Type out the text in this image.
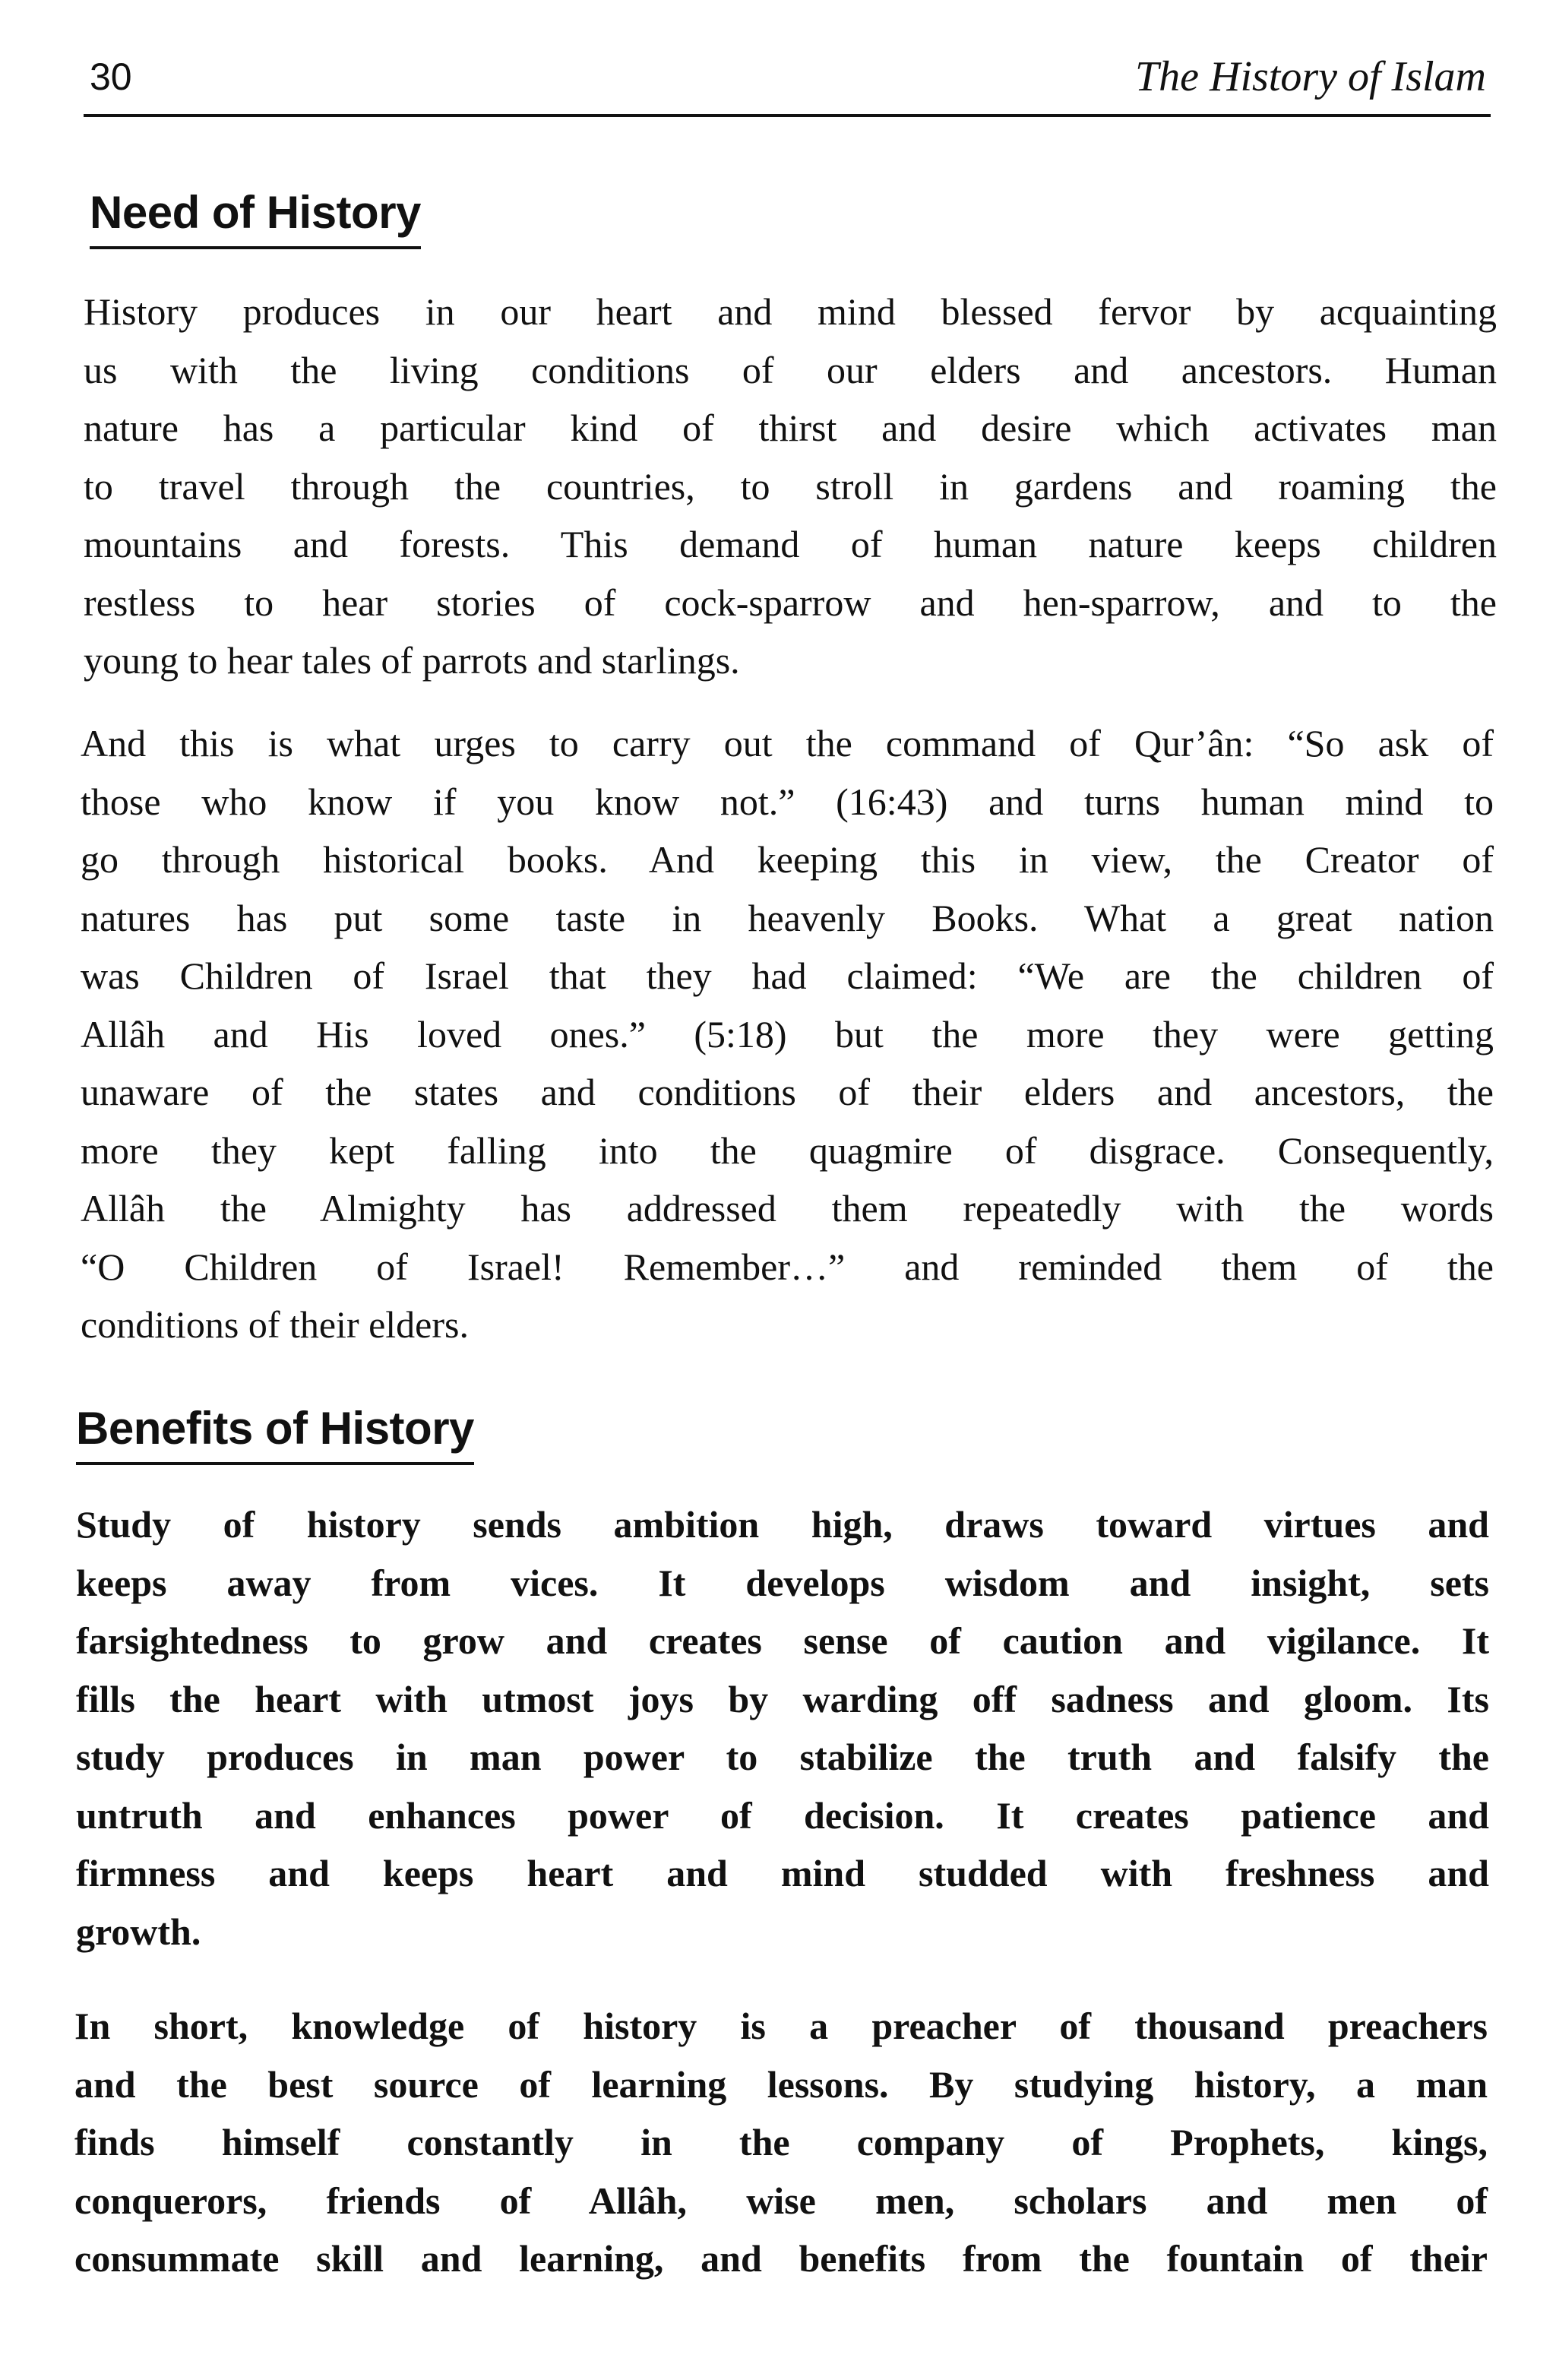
30	The History of Islam
Need of History
History produces in our heart and mind blessed fervor by acquainting
us with the living conditions of our elders and ancestors. Human
nature has a particular kind of thirst and desire which activates man
to travel through the countries, to stroll in gardens and roaming the
mountains and forests. This demand of human nature keeps children
restless to hear stories of cock-sparrow and hen-sparrow, and to the
young to hear tales of parrots and starlings.
And this is what urges to carry out the command of Qur’ân: “So ask of
those who know if you know not.” (16:43) and turns human mind to
go through historical books. And keeping this in view, the Creator of
natures has put some taste in heavenly Books. What a great nation
was Children of Israel that they had claimed: “We are the children of
Allâh and His loved ones.” (5:18) but the more they were getting
unaware of the states and conditions of their elders and ancestors, the
more they kept falling into the quagmire of disgrace. Consequently,
Allâh the Almighty has addressed them repeatedly with the words
“O Children of Israel! Remember…” and reminded them of the
conditions of their elders.
Benefits of History
Study of history sends ambition high, draws toward virtues and
keeps away from vices. It develops wisdom and insight, sets
farsightedness to grow and creates sense of caution and vigilance. It
fills the heart with utmost joys by warding off sadness and gloom. Its
study produces in man power to stabilize the truth and falsify the
untruth and enhances power of decision. It creates patience and
firmness and keeps heart and mind studded with freshness and
growth.
In short, knowledge of history is a preacher of thousand preachers
and the best source of learning lessons. By studying history, a man
finds himself constantly in the company of Prophets, kings,
conquerors, friends of Allâh, wise men, scholars and men of
consummate skill and learning, and benefits from the fountain of their
